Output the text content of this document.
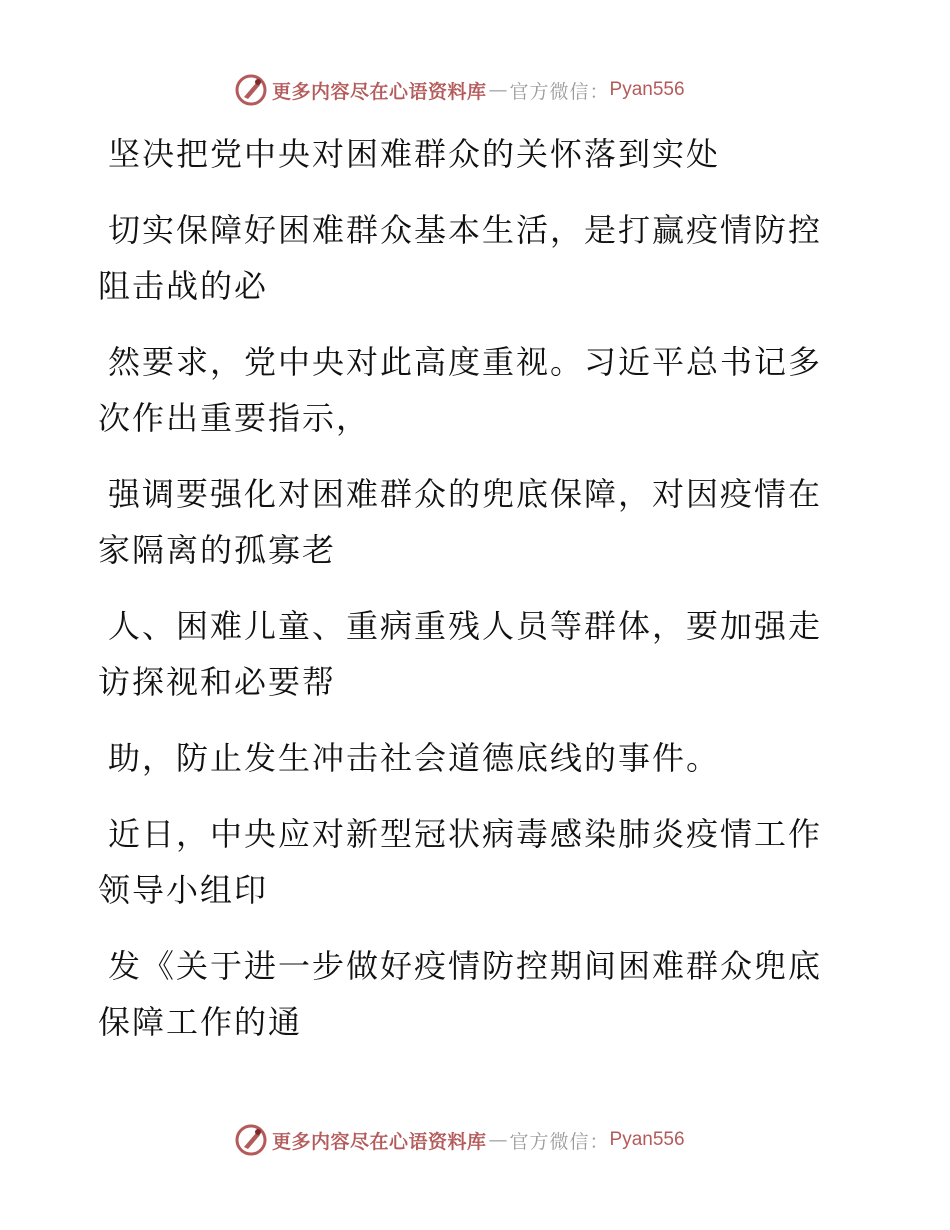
更多内容尽在心语资料库 — 官方微信： Pyan556

坚决把党中央对困难群众的关怀落到实处

切实保障好困难群众基本生活，是打赢疫情防控阻击战的必

然要求，党中央对此高度重视。习近平总书记多次作出重要指示，

强调要强化对困难群众的兜底保障，对因疫情在家隔离的孤寡老

人、困难儿童、重病重残人员等群体，要加强走访探视和必要帮

助，防止发生冲击社会道德底线的事件。

近日，中央应对新型冠状病毒感染肺炎疫情工作领导小组印

发《关于进一步做好疫情防控期间困难群众兜底保障工作的通

更多内容尽在心语资料库 — 官方微信： Pyan556
